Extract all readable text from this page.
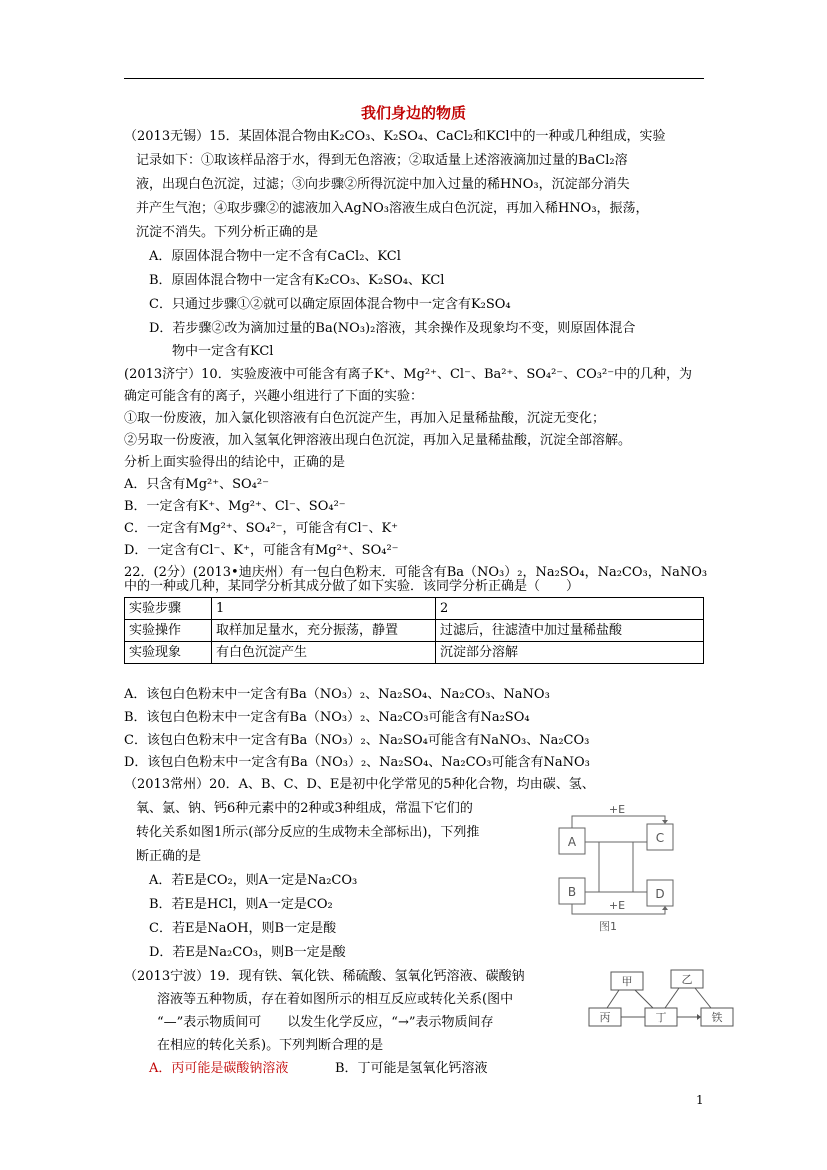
我们身边的物质
（2013无锡）15．某固体混合物由K₂CO₃、K₂SO₄、CaCl₂和KCl中的一种或几种组成，实验
记录如下：①取该样品溶于水，得到无色溶液；②取适量上述溶液滴加过量的BaCl₂溶
液，出现白色沉淀，过滤；③向步骤②所得沉淀中加入过量的稀HNO₃，沉淀部分消失
并产生气泡；④取步骤②的滤液加入AgNO₃溶液生成白色沉淀，再加入稀HNO₃，振荡，
沉淀不消失。下列分析正确的是
A．原固体混合物中一定不含有CaCl₂、KCl
B．原固体混合物中一定含有K₂CO₃、K₂SO₄、KCl
C．只通过步骤①②就可以确定原固体混合物中一定含有K₂SO₄
D．若步骤②改为滴加过量的Ba(NO₃)₂溶液，其余操作及现象均不变，则原固体混合
物中一定含有KCl
(2013济宁）10．实验废液中可能含有离子K⁺、Mg²⁺、Cl⁻、Ba²⁺、SO₄²⁻、CO₃²⁻中的几种，为
确定可能含有的离子，兴趣小组进行了下面的实验：
①取一份废液，加入氯化钡溶液有白色沉淀产生，再加入足量稀盐酸，沉淀无变化；
②另取一份废液，加入氢氧化钾溶液出现白色沉淀，再加入足量稀盐酸，沉淀全部溶解。
分析上面实验得出的结论中，正确的是
A．只含有Mg²⁺、SO₄²⁻
B．一定含有K⁺、Mg²⁺、Cl⁻、SO₄²⁻
C．一定含有Mg²⁺、SO₄²⁻，可能含有Cl⁻、K⁺
D．一定含有Cl⁻、K⁺，可能含有Mg²⁺、SO₄²⁻
22．(2分）(2013•迪庆州）有一包白色粉末．可能含有Ba（NO₃）₂，Na₂SO₄，Na₂CO₃，NaNO₃
中的一种或几种，某同学分析其成分做了如下实验．该同学分析正确是（　　）
实验步骤	1	2
实验操作	取样加足量水，充分振荡，静置	过滤后，往滤渣中加过量稀盐酸
实验现象	有白色沉淀产生	沉淀部分溶解
A．该包白色粉末中一定含有Ba（NO₃）₂、Na₂SO₄、Na₂CO₃、NaNO₃
B．该包白色粉末中一定含有Ba（NO₃）₂、Na₂CO₃可能含有Na₂SO₄
C．该包白色粉末中一定含有Ba（NO₃）₂、Na₂SO₄可能含有NaNO₃、Na₂CO₃
D．该包白色粉末中一定含有Ba（NO₃）₂、Na₂SO₄、Na₂CO₃可能含有NaNO₃
（2013常州）20．A、B、C、D、E是初中化学常见的5种化合物，均由碳、氢、
氧、氯、钠、钙6种元素中的2种或3种组成，常温下它们的
转化关系如图1所示(部分反应的生成物未全部标出)，下列推
断正确的是
A．若E是CO₂，则A一定是Na₂CO₃
B．若E是HCl，则A一定是CO₂
C．若E是NaOH，则B一定是酸
D．若E是Na₂CO₃，则B一定是酸
A
B
C
D
+E
+E
图1
（2013宁波）19．现有铁、氧化铁、稀硫酸、氢氧化钙溶液、碳酸钠
溶液等五种物质，存在着如图所示的相互反应或转化关系(图中
“—”表示物质间可　　以发生化学反应，“→”表示物质间存
在相应的转化关系)。下列判断合理的是
A．丙可能是碳酸钠溶液	B．丁可能是氢氧化钙溶液
甲	乙
丙	丁	铁
1
